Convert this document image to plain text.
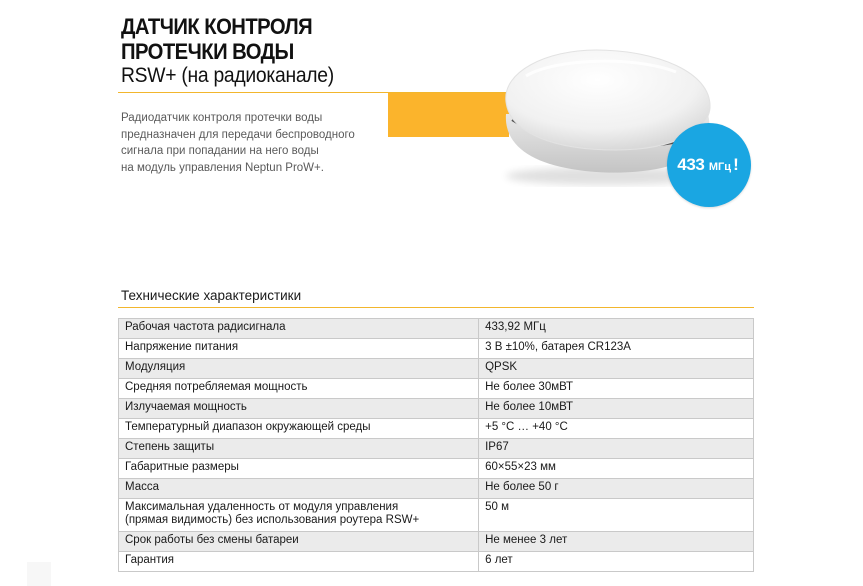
ДАТЧИК КОНТРОЛЯ
ПРОТЕЧКИ ВОДЫ
RSW+ (на радиоканале)
Радиодатчик контроля протечки воды
предназначен для передачи беспроводного
сигнала при попадании на него воды
на модуль управления Neptun ProW+.	433 МГц !
Технические характеристики
Рабочая частота радисигнала	433,92 МГц
Напряжение питания	3 В ±10%, батарея CR123A
Модуляция	QPSK
Средняя потребляемая мощность	Не более 30мВТ
Излучаемая мощность	Не более 10мВТ
Температурный диапазон окружающей среды	+5 °C … +40 °C
Степень защиты	IP67
Габаритные размеры	60×55×23 мм
Масса	Не более 50 г

Максимальная удаленность от модуля управления
(прямая видимость) без использования роутера RSW+	50 м
Срок работы без смены батареи	Не менее 3 лет
Гарантия	6 лет
